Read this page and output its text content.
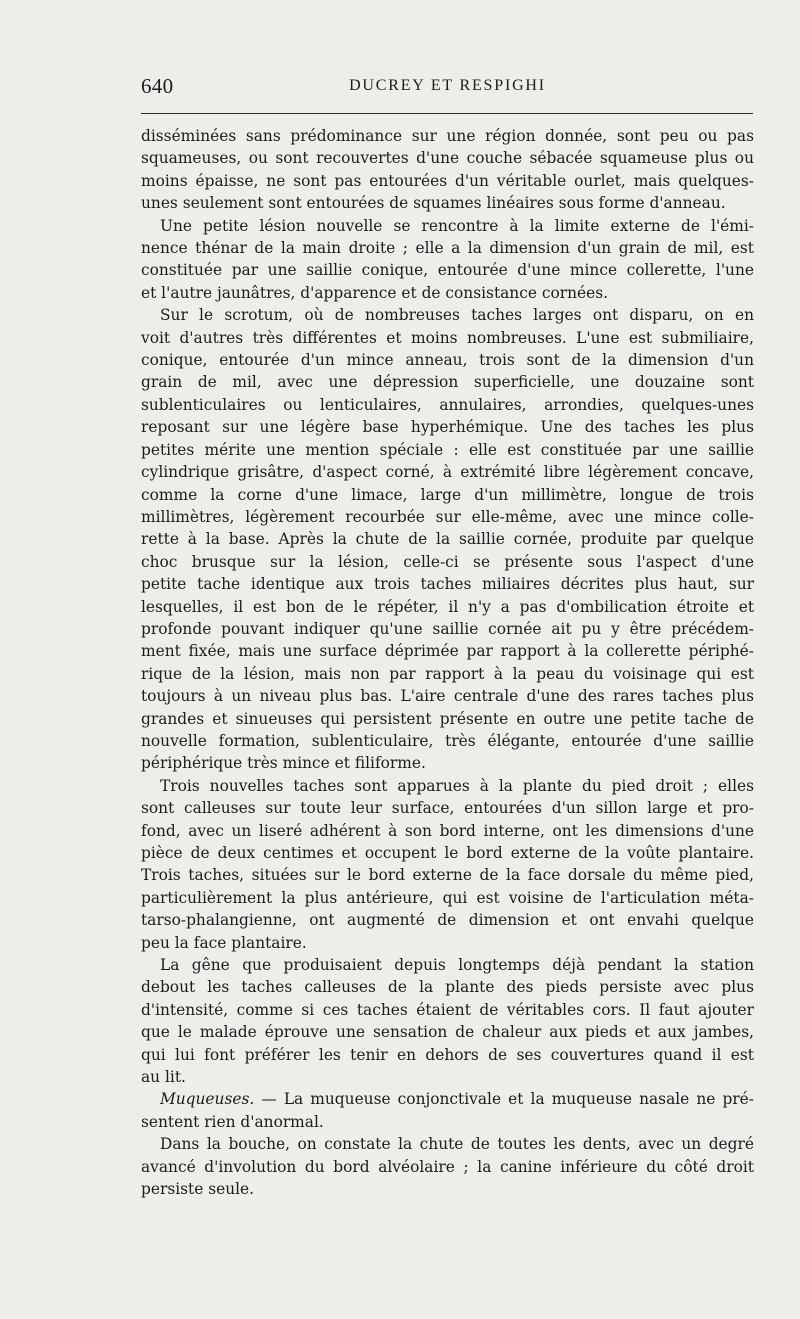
640	DUCREY ET RESPIGHI
disséminées sans prédominance sur une région donnée, sont peu ou pas
squameuses, ou sont recouvertes d'une couche sébacée squameuse plus ou
moins épaisse, ne sont pas entourées d'un véritable ourlet, mais quelques-
unes seulement sont entourées de squames linéaires sous forme d'anneau.
Une petite lésion nouvelle se rencontre à la limite externe de l'émi-
nence thénar de la main droite ; elle a la dimension d'un grain de mil, est
constituée par une saillie conique, entourée d'une mince collerette, l'une
et l'autre jaunâtres, d'apparence et de consistance cornées.
Sur le scrotum, où de nombreuses taches larges ont disparu, on en
voit d'autres très différentes et moins nombreuses. L'une est submiliaire,
conique, entourée d'un mince anneau, trois sont de la dimension d'un
grain de mil, avec une dépression superficielle, une douzaine sont
sublenticulaires ou lenticulaires, annulaires, arrondies, quelques-unes
reposant sur une légère base hyperhémique. Une des taches les plus
petites mérite une mention spéciale : elle est constituée par une saillie
cylindrique grisâtre, d'aspect corné, à extrémité libre légèrement concave,
comme la corne d'une limace, large d'un millimètre, longue de trois
millimètres, légèrement recourbée sur elle-même, avec une mince colle-
rette à la base. Après la chute de la saillie cornée, produite par quelque
choc brusque sur la lésion, celle-ci se présente sous l'aspect d'une
petite tache identique aux trois taches miliaires décrites plus haut, sur
lesquelles, il est bon de le répéter, il n'y a pas d'ombilication étroite et
profonde pouvant indiquer qu'une saillie cornée ait pu y être précédem-
ment fixée, mais une surface déprimée par rapport à la collerette périphé-
rique de la lésion, mais non par rapport à la peau du voisinage qui est
toujours à un niveau plus bas. L'aire centrale d'une des rares taches plus
grandes et sinueuses qui persistent présente en outre une petite tache de
nouvelle formation, sublenticulaire, très élégante, entourée d'une saillie
périphérique très mince et filiforme.
Trois nouvelles taches sont apparues à la plante du pied droit ; elles
sont calleuses sur toute leur surface, entourées d'un sillon large et pro-
fond, avec un liseré adhérent à son bord interne, ont les dimensions d'une
pièce de deux centimes et occupent le bord externe de la voûte plantaire.
Trois taches, situées sur le bord externe de la face dorsale du même pied,
particulièrement la plus antérieure, qui est voisine de l'articulation méta-
tarso-phalangienne, ont augmenté de dimension et ont envahi quelque
peu la face plantaire.
La gêne que produisaient depuis longtemps déjà pendant la station
debout les taches calleuses de la plante des pieds persiste avec plus
d'intensité, comme si ces taches étaient de véritables cors. Il faut ajouter
que le malade éprouve une sensation de chaleur aux pieds et aux jambes,
qui lui font préférer les tenir en dehors de ses couvertures quand il est
au lit.
Muqueuses. — La muqueuse conjonctivale et la muqueuse nasale ne pré-
sentent rien d'anormal.
Dans la bouche, on constate la chute de toutes les dents, avec un degré
avancé d'involution du bord alvéolaire ; la canine inférieure du côté droit
persiste seule.
